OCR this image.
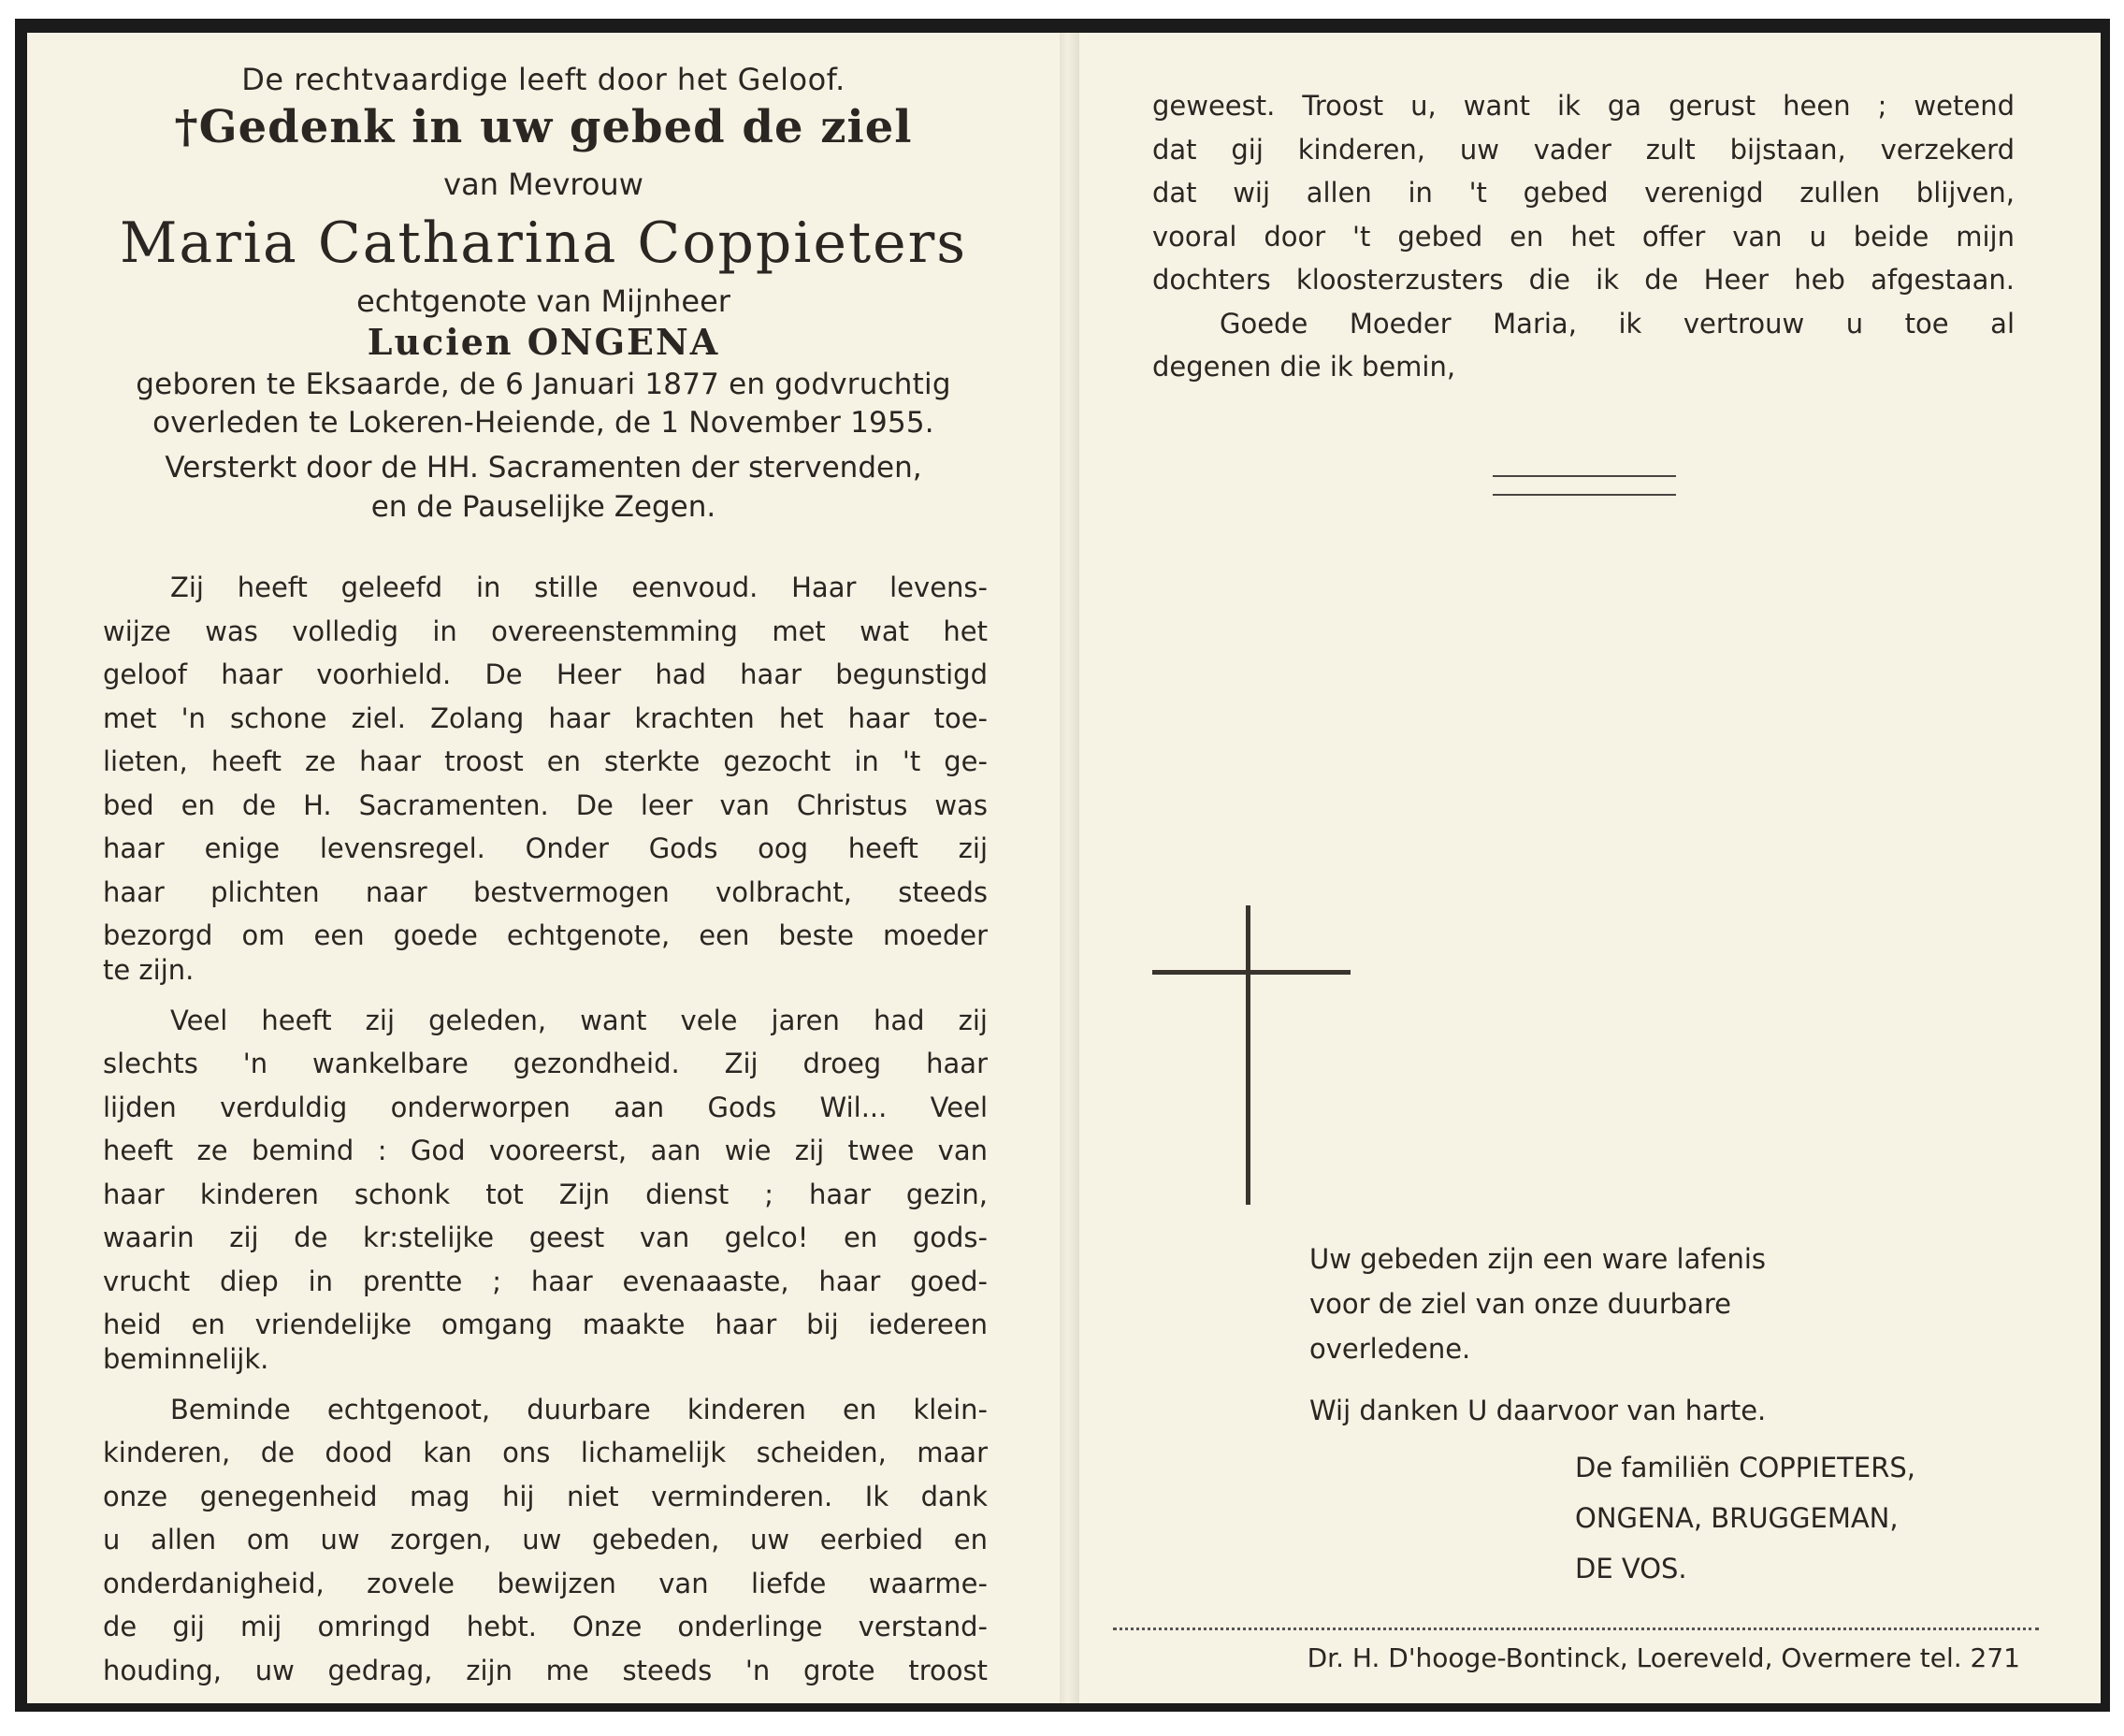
De rechtvaardige leeft door het Geloof.
†Gedenk in uw gebed de ziel
van Mevrouw
Maria Catharina Coppieters
echtgenote van Mijnheer
Lucien ONGENA
geboren te Eksaarde, de 6 Januari 1877 en godvruchtig
overleden te Lokeren-Heiende, de 1 November 1955.
Versterkt door de HH. Sacramenten der stervenden,
en de Pauselijke Zegen.
Zij heeft geleefd in stille eenvoud. Haar levens-
wijze was volledig in overeenstemming met wat het
geloof haar voorhield. De Heer had haar begunstigd
met 'n schone ziel. Zolang haar krachten het haar toe-
lieten, heeft ze haar troost en sterkte gezocht in 't ge-
bed en de H. Sacramenten. De leer van Christus was
haar enige levensregel. Onder Gods oog heeft zij
haar plichten naar bestvermogen volbracht, steeds
bezorgd om een goede echtgenote, een beste moeder
te zijn.
Veel heeft zij geleden, want vele jaren had zij
slechts 'n wankelbare gezondheid. Zij droeg haar
lijden verduldig onderworpen aan Gods Wil... Veel
heeft ze bemind : God vooreerst, aan wie zij twee van
haar kinderen schonk tot Zijn dienst ; haar gezin,
waarin zij de kr:stelijke geest van gelco! en gods-
vrucht diep in prentte ; haar evenaaaste, haar goed-
heid en vriendelijke omgang maakte haar bij iedereen
beminnelijk.
Beminde echtgenoot, duurbare kinderen en klein-
kinderen, de dood kan ons lichamelijk scheiden, maar
onze genegenheid mag hij niet verminderen. Ik dank
u allen om uw zorgen, uw gebeden, uw eerbied en
onderdanigheid, zovele bewijzen van liefde waarme-
de gij mij omringd hebt. Onze onderlinge verstand-
houding, uw gedrag, zijn me steeds 'n grote troost
geweest. Troost u, want ik ga gerust heen ; wetend
dat gij kinderen, uw vader zult bijstaan, verzekerd
dat wij allen in 't gebed verenigd zullen blijven,
vooral door 't gebed en het offer van u beide mijn
dochters kloosterzusters die ik de Heer heb afgestaan.
Goede Moeder Maria, ik vertrouw u toe al
degenen die ik bemin,
Uw gebeden zijn een ware lafenis
voor de ziel van onze duurbare
overledene.
Wij danken U daarvoor van harte.
De familiën COPPIETERS,
ONGENA, BRUGGEMAN,
DE VOS.
Dr. H. D'hooge-Bontinck, Loereveld, Overmere tel. 271
